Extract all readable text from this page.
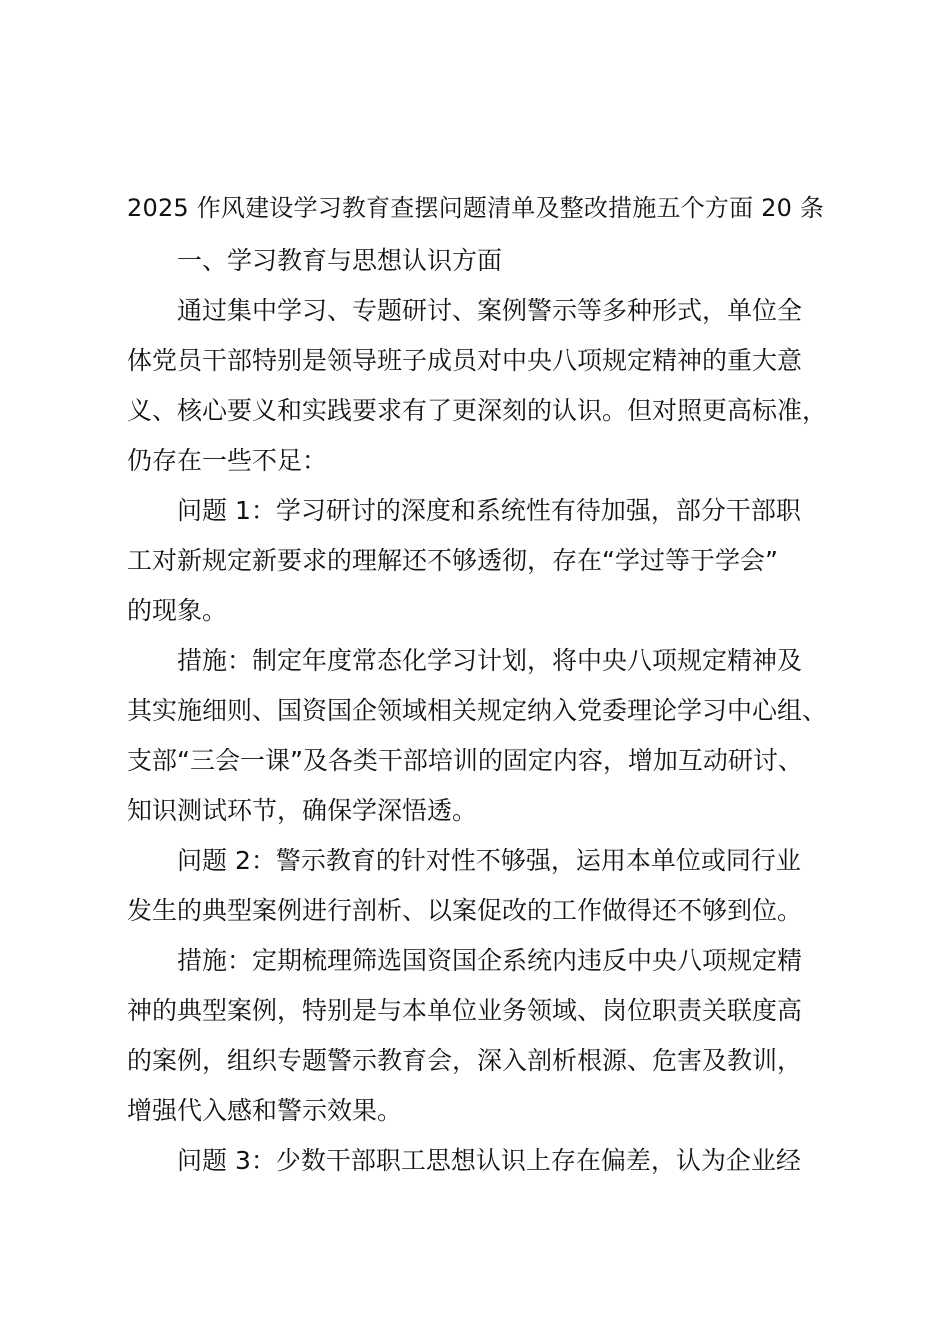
2025 作风建设学习教育查摆问题清单及整改措施五个方面 20 条

一、学习教育与思想认识方面

通过集中学习、专题研讨、案例警示等多种形式，单位全
体党员干部特别是领导班子成员对中央八项规定精神的重大意
义、核心要义和实践要求有了更深刻的认识。但对照更高标准，
仍存在一些不足：

问题 1：学习研讨的深度和系统性有待加强，部分干部职
工对新规定新要求的理解还不够透彻，存在“学过等于学会”
的现象。

措施：制定年度常态化学习计划，将中央八项规定精神及
其实施细则、国资国企领域相关规定纳入党委理论学习中心组、
支部“三会一课”及各类干部培训的固定内容，增加互动研讨、
知识测试环节，确保学深悟透。

问题 2：警示教育的针对性不够强，运用本单位或同行业
发生的典型案例进行剖析、以案促改的工作做得还不够到位。

措施：定期梳理筛选国资国企系统内违反中央八项规定精
神的典型案例，特别是与本单位业务领域、岗位职责关联度高
的案例，组织专题警示教育会，深入剖析根源、危害及教训，
增强代入感和警示效果。

问题 3：少数干部职工思想认识上存在偏差，认为企业经
